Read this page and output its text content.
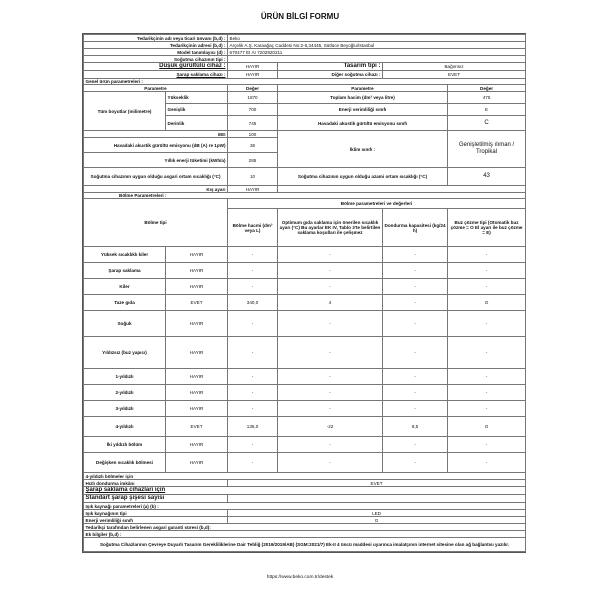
ÜRÜN BİLGİ FORMU
Tedarikçinin adı veya ticari ünvanı (b,d) :		Beko			
Tedarikçinin adresi (b,d) :		Arçelik A.Ş. Karaağaç Caddesi No:2-6,34445, Sütlüce Beyoğlu/İstanbul			
Model tanımlayıcı (d) :		670477 EI AI 7202920211			
Soğutma cihazının tipi :					
Düşük gürültülü cihaz :		HAYIR	Tasarım tipi :	Bağımsız	
Şarap saklama cihazı :		HAYIR	Diğer soğutma cihazı :	EVET	
Genel ürün parametreleri :					
Parametre		Değer	Parametre		Değer
Tüm boyutlar (milimetre)	Yükseklik	1870	Toplam hacim (dm³ veya litre)		475
	Genişlik	700	Enerji verimliliği sınıfı		E
	Derinlik	745	Havadaki akustik gürültü emisyonu sınıfı		C
EEI		100	İklim sınıfı :		Genişletilmiş ılıman / Tropikal
Havadaki akustik gürültü emisyonu (dB (A) re 1pW)		36			
Yıllık enerji tüketimi (kWh/a)		285			
Soğutma cihazının uygun olduğu asgari ortam sıcaklığı (°C)		10	Soğutma cihazının uygun olduğu azami ortam sıcaklığı (°C)		43
Kış ayarı		HAYIR			
Bölme Parametreleri :					
Bölme tipi		Bölme parametreleri ve değerleri			
		Bölme hacmi (dm³ veya L)	Optimum gıda saklama için önerilen sıcaklık ayarı (°C) Bu ayarlar EK IV, Tablo 3'te belirtilen saklama koşulları ile çelişmez	Dondurma kapasitesi (kg/24 h)	Buz çözme tipi (Otomatik buz çözme = O El ayarı ile buz çözme = E)
Yüksek sıcaklıklı kiler	HAYIR	-	-	-	-
Şarap saklama	HAYIR	-	-	-	-
Kiler	HAYIR	-	-	-	-
Taze gıda	EVET	340,0	4	-	O
Soğuk	HAYIR	-	-	-	-
Yıldızsız (buz yapıcı)	HAYIR	-	-	-	-
1-yıldızlı	HAYIR	-	-	-	-
2-yıldızlı	HAYIR	-	-	-	-
3-yıldızlı	HAYIR	-	-	-	-
4-yıldızlı	EVET	135,0	-22	8,5	O
İki yıldızlı bölüm	HAYIR	-	-	-	-
Değişken sıcaklık bölmesi	HAYIR	-	-	-	-
4-yıldızlı bölmeler için					
Hızlı dondurma imkânı		EVET			
Şarap saklama cihazları için					
Standart şarap şişesi sayısı					
Işık kaynağı parametreleri (a) (b) :					
Işık kaynağının tipi		LED			
Enerji verimliliği sınıfı		G			
Tedarikçi tarafından belirlenen asgari garanti süresi (b,d):					
Ek bilgiler (b,d) :					
Soğutma Cihazlarının Çevreye Duyarlı Tasarım Gerekliliklerine Dair Tebliğ (2019/2019/AB) (SGM:2021/7) Ek-II 4 üncü maddesi uyarınca imalatçının internet sitesine olan ağ bağlantısı yazılır.					
https://www.beko.com.tr/destek
